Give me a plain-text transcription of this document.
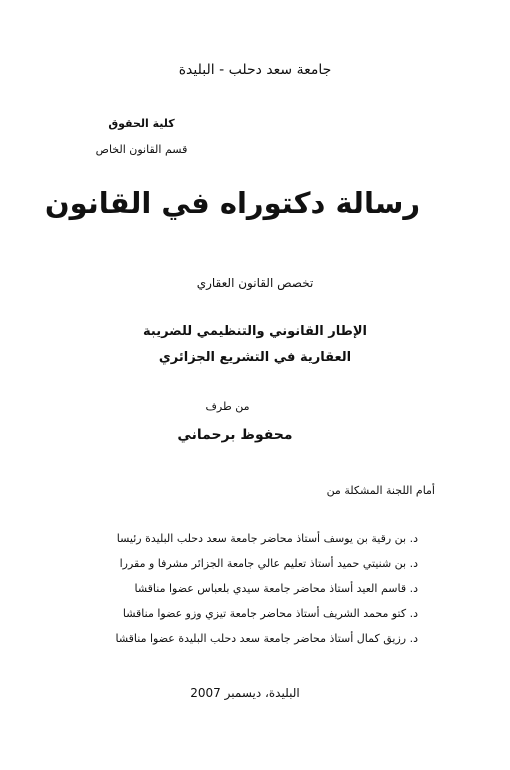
جامعة سعد دحلب - البليدة
كلية الحقوق
قسم القانون الخاص
رسالة دكتوراه في القانون
تخصص القانون العقاري
الإطار القانوني والتنظيمي للضريبة
العقارية في التشريع الجزائري
من طرف
محفوظ برحماني
أمام اللجنة المشكلة من
د. بن رقية بن يوسف أستاذ محاضر جامعة سعد دحلب البليدة رئيسا
د. بن شنيتي حميد أستاذ تعليم عالي جامعة الجزائر مشرفا و مقررا
د. قاسم العيد أستاذ محاضر جامعة سيدي بلعباس عضوا مناقشا
د. كتو محمد الشريف أستاذ محاضر جامعة تيزي وزو عضوا مناقشا
د. رزيق كمال أستاذ محاضر جامعة سعد دحلب البليدة عضوا مناقشا
البليدة، ديسمبر 2007
